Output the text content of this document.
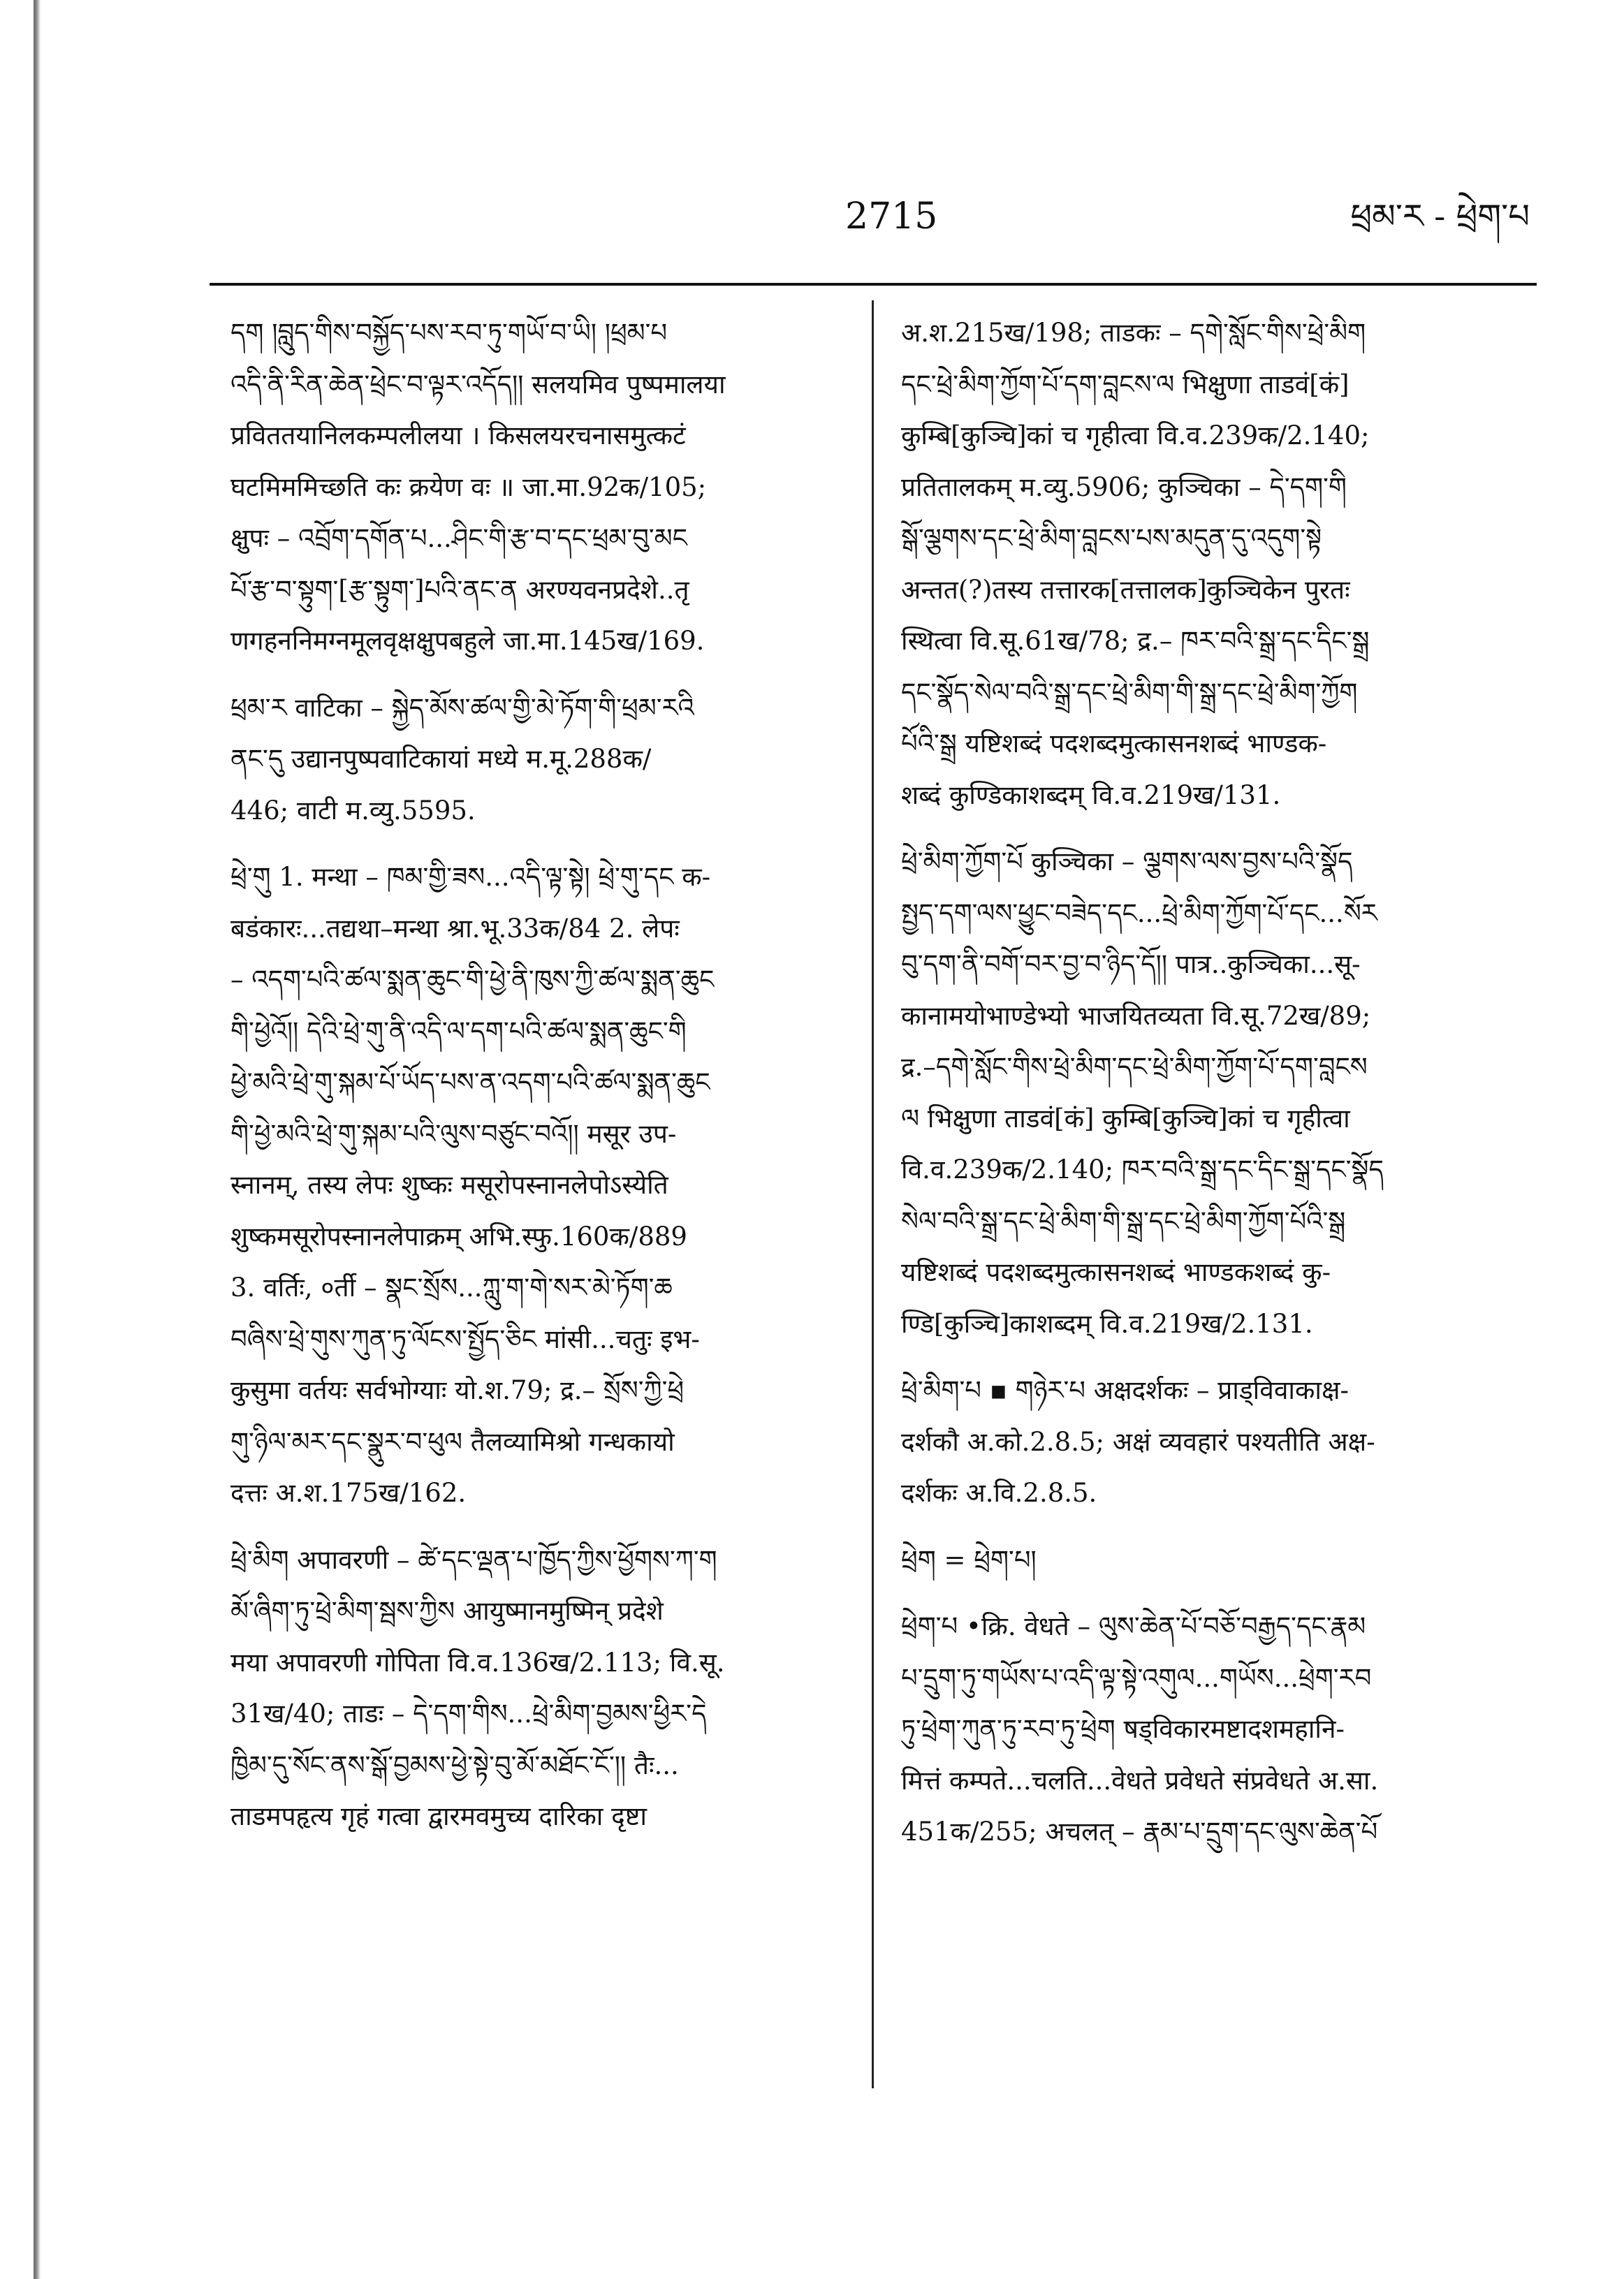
2715	ཕྲམ་ར - ཕྲེག་པ
དག །བླུད་གིས་བསྐྱོད་པས་རབ་ཏུ་གཡོ་བ་ཡི། །ཕྲམ་པ
འདི་ནི་རིན་ཆེན་ཕྲེང་བ་ལྟར་འདོད།། सलयमिव पुष्पमालया
प्रविततयानिलकम्पलीलया । किसलयरचनासमुत्कटं
घटमिममिच्छति कः क्रयेण वः ॥ जा.मा.92क/105;
क्षुपः – འབྲོག་དགོན་པ...ཤིང་གི་རྩ་བ་དང་ཕྲམ་བུ་མང
པོ་རྩ་བ་སྟུག་[རྩ་སྟུག་]པའི་ནང་ན अरण्यवनप्रदेशे..तृ
णगहननिमग्नमूलवृक्षक्षुपबहुले जा.मा.145ख/169.
ཕྲམ་ར वाटिका – སྐྱེད་མོས་ཚལ་གྱི་མེ་ཏོག་གི་ཕྲམ་རའི
ནང་དུ उद्यानपुष्पवाटिकायां मध्ये म.मू.288क/
446; वाटी म.व्यु.5595.
ཕྲེ་གུ 1. मन्था – ཁམ་གྱི་ཟས...འདི་ལྟ་སྟེ། ཕྲེ་གུ་དང क-
बडंकारः...तद्यथा–मन्था श्रा.भू.33क/84 2. लेपः
– འདག་པའི་ཚལ་སྨན་ཆུང་གི་ཕྱེ་ནི་ཁུས་ཀྱི་ཚལ་སྨན་ཆུང
གི་ཕྱེའོ།། དེའི་ཕྲེ་གུ་ནི་འདི་ལ་དག་པའི་ཚལ་སྨན་ཆུང་གི
ཕྱེ་མའི་ཕྲེ་གུ་སྐམ་པོ་ཡོད་པས་ན་འདག་པའི་ཚལ་སྨན་ཆུང
གི་ཕྱེ་མའི་ཕྲེ་གུ་སྐམ་པའི་ལུས་བཙུང་བའོ།། मसूर उप-
स्नानम्, तस्य लेपः शुष्कः मसूरोपस्नानलेपोऽस्येति
शुष्कमसूरोपस्नानलेपाक्रम् अभि.स्फु.160क/889
3. वर्तिः, ०र्ती – སྣང་སྲོས...ཀླུ་ག་གེ་སར་མེ་ཏོག་ཆ
བཞིས་ཕྲེ་གུས་ཀུན་ཏུ་ལོངས་སྤྱོད་ཅིང मांसी...चतुः इभ-
कुसुमा वर्तयः सर्वभोग्याः यो.श.79; द्र.– སྲོས་ཀྱི་ཕྲེ
གུ་ཉིལ་མར་དང་སྣུར་བ་ཕུལ तैलव्यामिश्रो गन्धकायो
दत्तः अ.श.175ख/162.
ཕྲེ་མིག अपावरणी – ཚེ་དང་ལྡན་པ་ཁྱོད་ཀྱིས་ཕྱོགས་ཀ་ག
མོ་ཞིག་ཏུ་ཕྲེ་མིག་སྦས་ཀྱིས आयुष्मानमुष्मिन् प्रदेशे
मया अपावरणी गोपिता वि.व.136ख/2.113; वि.सू.
31ख/40; ताडः – དེ་དག་གིས...ཕྲེ་མིག་བྱམས་ཕྱིར་དེ
ཁྱིམ་དུ་སོང་ནས་སྒོ་བྱམས་ཕྱེ་སྟེ་བུ་མོ་མཐོང་ངོ་།། तैः...
ताडमपहृत्य गृहं गत्वा द्वारमवमुच्य दारिका दृष्टा
अ.श.215ख/198; ताडकः – དགེ་སློང་གིས་ཕྲེ་མིག
དང་ཕྲེ་མིག་ཀྱོག་པོ་དག་བླངས་ལ भिक्षुणा ताडवं[कं]
कुम्बि[कुञ्चि]कां च गृहीत्वा वि.व.239क/2.140;
प्रतितालकम् म.व्यु.5906; कुञ्चिका – དེ་དག་གི
སྒོ་ལྕགས་དང་ཕྲེ་མིག་བླངས་པས་མདུན་དུ་འདུག་སྟེ
अन्तत(?)तस्य तत्तारक[तत्तालक]कुञ्चिकेन पुरतः
स्थित्वा वि.सू.61ख/78; द्र.– ཁར་བའི་སྒྲ་དང་དིང་སྒྲ
དང་སྣོད་སེལ་བའི་སྒྲ་དང་ཕྲེ་མིག་གི་སྒྲ་དང་ཕྲེ་མིག་ཀྱོག
པོའི་སྒྲ यष्टिशब्दं पदशब्दमुत्कासनशब्दं भाण्डक-
शब्दं कुण्डिकाशब्दम् वि.व.219ख/131.
ཕྲེ་མིག་ཀྱོག་པོ कुञ्चिका – ལྕགས་ལས་བྱས་པའི་སྣོད
སྤྱད་དག་ལས་ཕྱུང་བཟེད་དང...ཕྲེ་མིག་ཀྱོག་པོ་དང...སོར
བུ་དག་ནི་བགོ་བར་བྱ་བ་ཉིད་དོ།། पात्र..कुञ्चिका...सू-
कानामयोभाण्डेभ्यो भाजयितव्यता वि.सू.72ख/89;
द्र.–དགེ་སློང་གིས་ཕྲེ་མིག་དང་ཕྲེ་མིག་ཀྱོག་པོ་དག་བླངས
ལ भिक्षुणा ताडवं[कं] कुम्बि[कुञ्चि]कां च गृहीत्वा
वि.व.239क/2.140; ཁར་བའི་སྒྲ་དང་དིང་སྒྲ་དང་སྣོད
སེལ་བའི་སྒྲ་དང་ཕྲེ་མིག་གི་སྒྲ་དང་ཕྲེ་མིག་ཀྱོག་པོའི་སྒྲ
यष्टिशब्दं पदशब्दमुत्कासनशब्दं भाण्डकशब्दं कु-
ण्डि[कुञ्चि]काशब्दम् वि.व.219ख/2.131.
ཕྲེ་མིག་པ ▪ གཉེར་པ अक्षदर्शकः – प्राड्विवाकाक्ष-
दर्शकौ अ.को.2.8.5; अक्षं व्यवहारं पश्यतीति अक्ष-
दर्शकः अ.वि.2.8.5.
ཕྲེག = ཕྲེག་པ།
ཕྲེག་པ •क्रि. वेधते – ལུས་ཆེན་པོ་བཅོ་བརྒྱད་དང་རྣམ
པ་དྲུག་ཏུ་གཡོས་པ་འདི་ལྟ་སྟེ་འགུལ...གཡོས...ཕྲེག་རབ
ཏུ་ཕྲེག་ཀུན་ཏུ་རབ་ཏུ་ཕྲེག षड्विकारमष्टादशमहानि-
मित्तं कम्पते...चलति...वेधते प्रवेधते संप्रवेधते अ.सा.
451क/255; अचलत् – རྣམ་པ་དྲུག་དང་ལུས་ཆེན་པོ
